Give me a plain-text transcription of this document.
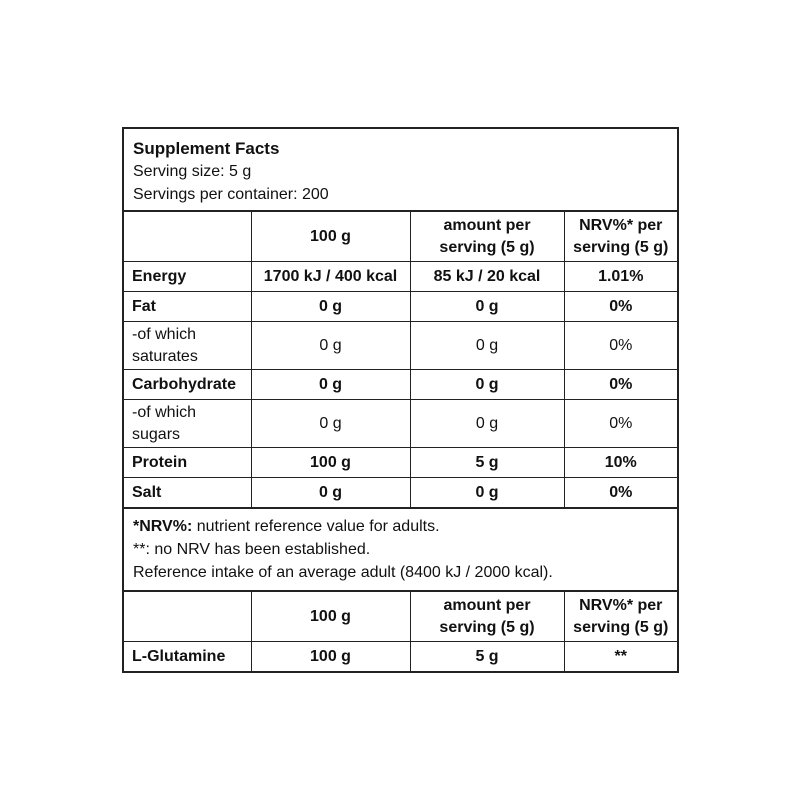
Supplement Facts
Serving size: 5 g
Servings per container: 200
	100 g	amount per serving (5 g)	NRV%* per serving (5 g)
Energy	1700 kJ / 400 kcal	85 kJ / 20 kcal	1.01%
Fat	0 g	0 g	0%
-of which saturates	0 g	0 g	0%
Carbohydrate	0 g	0 g	0%
-of which sugars	0 g	0 g	0%
Protein	100 g	5 g	10%
Salt	0 g	0 g	0%
*NRV%: nutrient reference value for adults.
**: no NRV has been established.
Reference intake of an average adult (8400 kJ / 2000 kcal).
	100 g	amount per serving (5 g)	NRV%* per serving (5 g)
L-Glutamine	100 g	5 g	**
